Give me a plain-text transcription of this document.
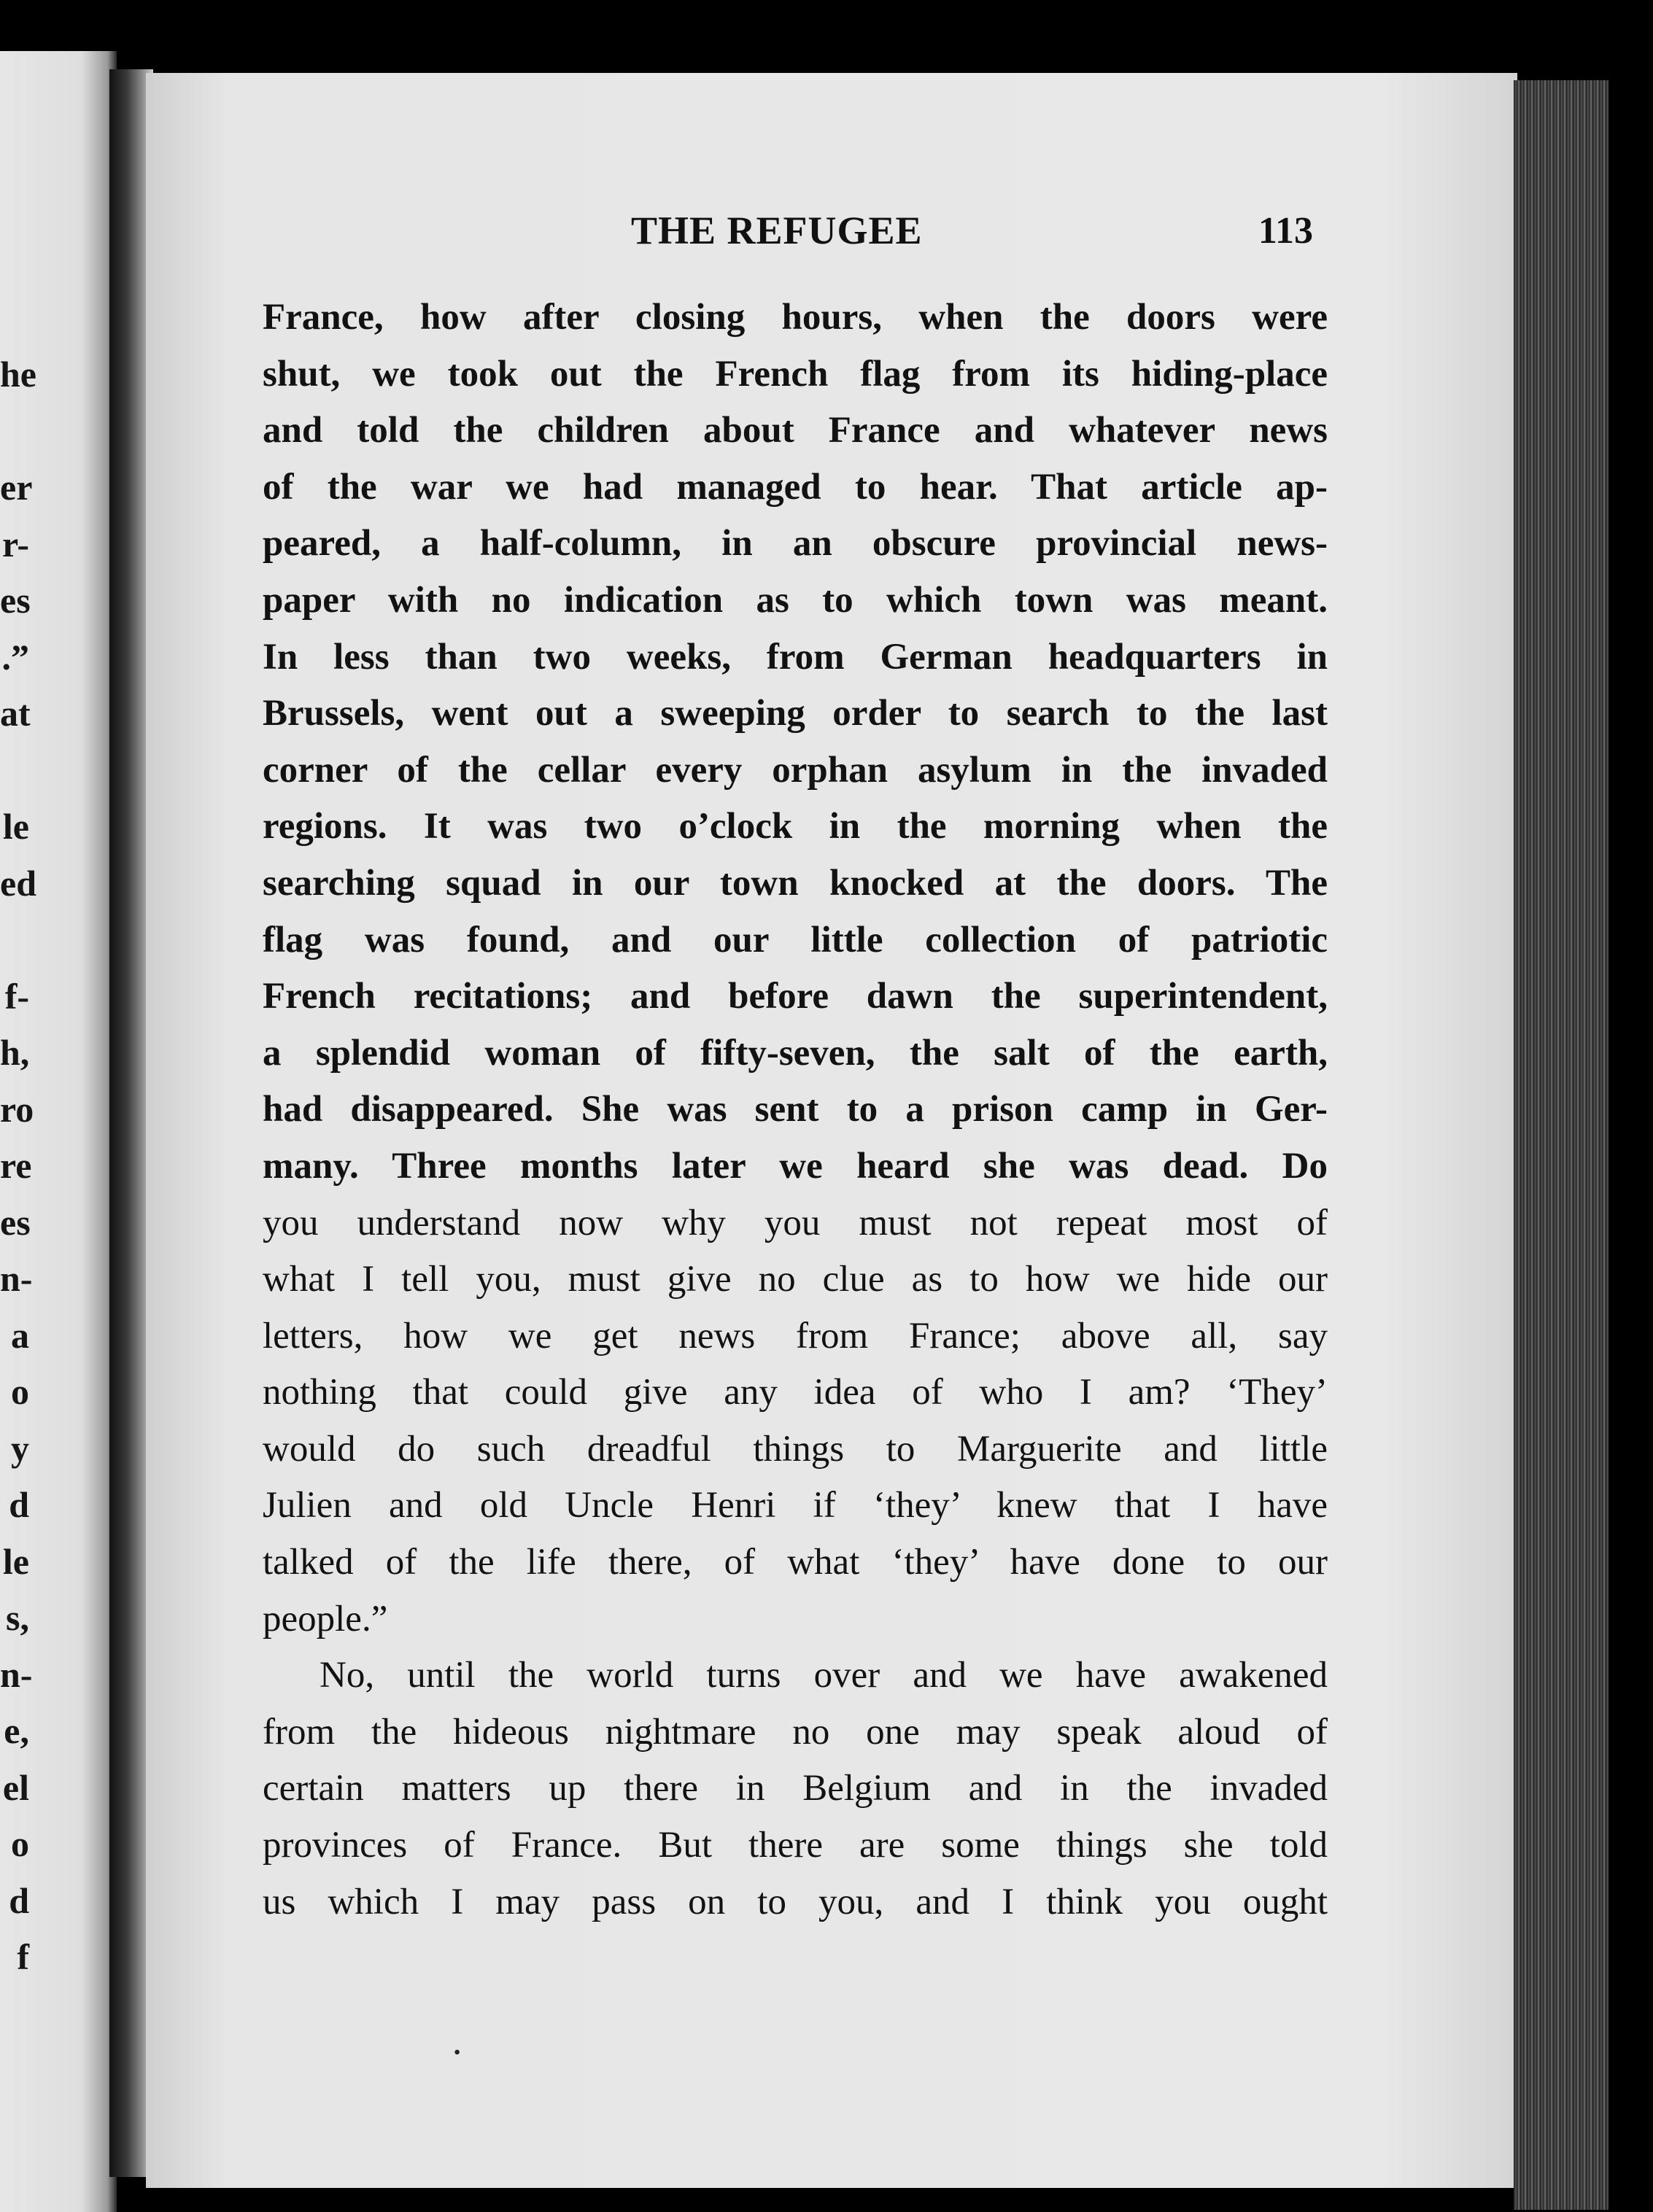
he
er
r-
es
.”
at
le
ed
f-
h,
ro
re
es
n-
a
o
y
d
le
s,
n-
e,
el
o
d
f
THE REFUGEE	113
France, how after closing hours, when the doors were
shut, we took out the French flag from its hiding-place
and told the children about France and whatever news
of the war we had managed to hear. That article ap-
peared, a half-column, in an obscure provincial news-
paper with no indication as to which town was meant.
In less than two weeks, from German headquarters in
Brussels, went out a sweeping order to search to the last
corner of the cellar every orphan asylum in the invaded
regions. It was two o’clock in the morning when the
searching squad in our town knocked at the doors. The
flag was found, and our little collection of patriotic
French recitations; and before dawn the superintendent,
a splendid woman of fifty-seven, the salt of the earth,
had disappeared. She was sent to a prison camp in Ger-
many. Three months later we heard she was dead. Do
you understand now why you must not repeat most of
what I tell you, must give no clue as to how we hide our
letters, how we get news from France; above all, say
nothing that could give any idea of who I am? ‘They’
would do such dreadful things to Marguerite and little
Julien and old Uncle Henri if ‘they’ knew that I have
talked of the life there, of what ‘they’ have done to our
people.”
No, until the world turns over and we have awakened
from the hideous nightmare no one may speak aloud of
certain matters up there in Belgium and in the invaded
provinces of France. But there are some things she told
us which I may pass on to you, and I think you ought
·
